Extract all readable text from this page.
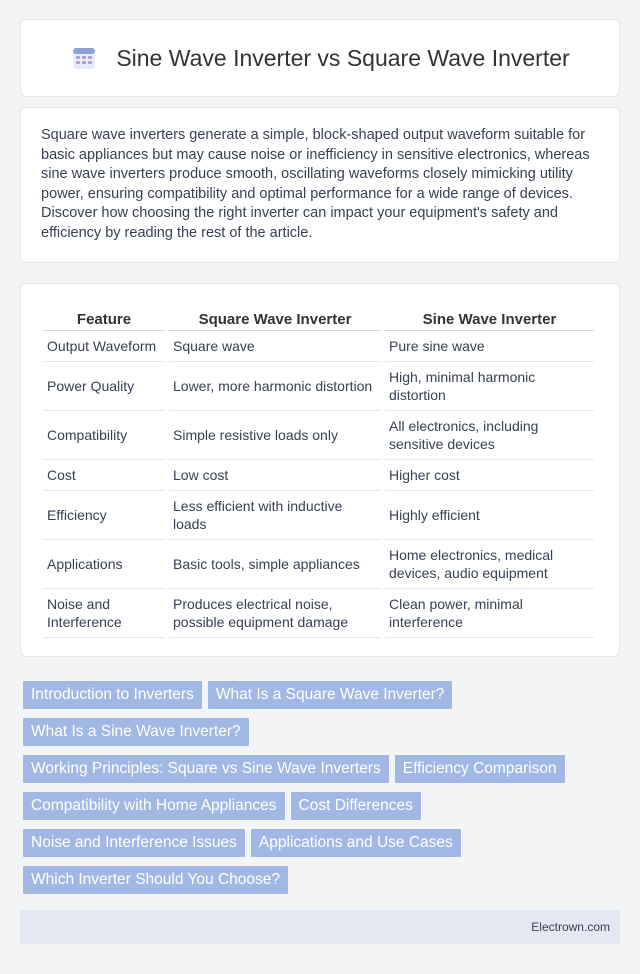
Sine Wave Inverter vs Square Wave Inverter

Square wave inverters generate a simple, block-shaped output waveform suitable for basic appliances but may cause noise or inefficiency in sensitive electronics, whereas sine wave inverters produce smooth, oscillating waveforms closely mimicking utility power, ensuring compatibility and optimal performance for a wide range of devices. Discover how choosing the right inverter can impact your equipment's safety and efficiency by reading the rest of the article.

Feature	Square Wave Inverter	Sine Wave Inverter
Output Waveform	Square wave	Pure sine wave
Power Quality	Lower, more harmonic distortion	High, minimal harmonic distortion
Compatibility	Simple resistive loads only	All electronics, including sensitive devices
Cost	Low cost	Higher cost
Efficiency	Less efficient with inductive loads	Highly efficient
Applications	Basic tools, simple appliances	Home electronics, medical devices, audio equipment
Noise and Interference	Produces electrical noise, possible equipment damage	Clean power, minimal interference
Introduction to Inverters	What Is a Square Wave Inverter?
What Is a Sine Wave Inverter?
Working Principles: Square vs Sine Wave Inverters	Efficiency Comparison
Compatibility with Home Appliances	Cost Differences
Noise and Interference Issues	Applications and Use Cases
Which Inverter Should You Choose?
Electrown.com
